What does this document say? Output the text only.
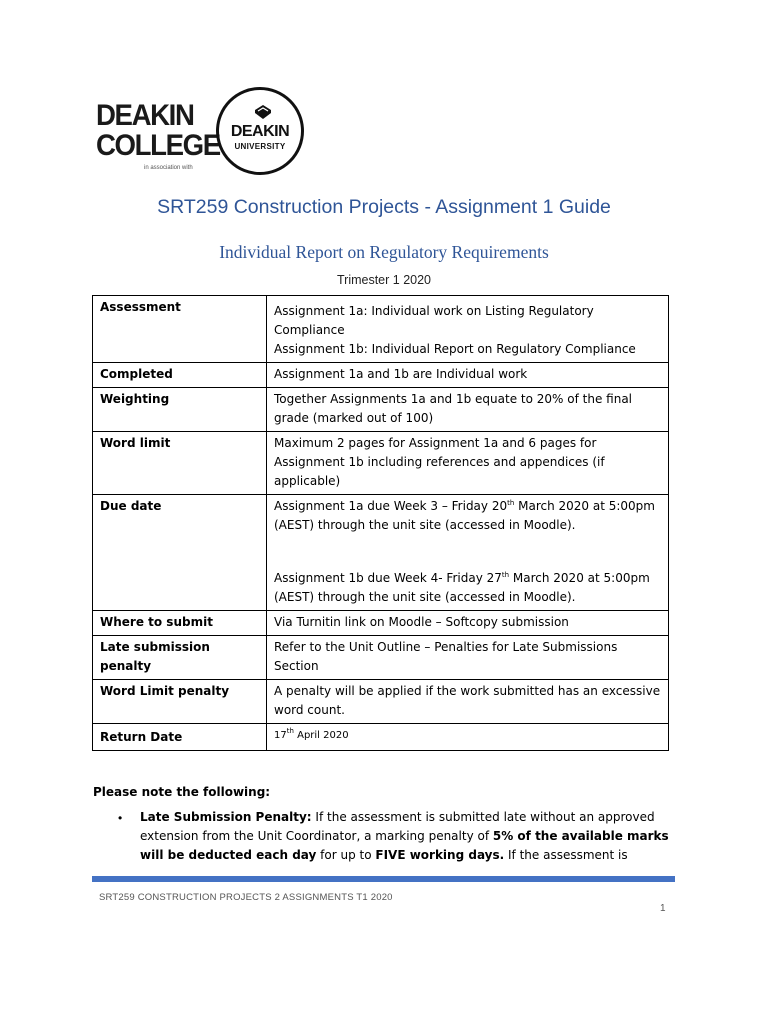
DEAKIN
COLLEGE
in association with
DEAKIN
UNIVERSITY
SRT259 Construction Projects - Assignment 1 Guide
Individual Report on Regulatory Requirements
Trimester 1 2020
Assessment	Assignment 1a: Individual work on Listing Regulatory Compliance

Assignment 1b: Individual Report on Regulatory Compliance

Completed	Assignment 1a and 1b are Individual work
Weighting	Together Assignments 1a and 1b equate to 20% of the final grade (marked out of 100)
Word limit	Maximum 2 pages for Assignment 1a and 6 pages for Assignment 1b including references and appendices (if applicable)
Due date	Assignment 1a due Week 3 – Friday 20th March 2020 at 5:00pm

(AEST) through the unit site (accessed in Moodle).

Assignment 1b due Week 4- Friday 27th March 2020 at 5:00pm

(AEST) through the unit site (accessed in Moodle).

Where to submit	Via Turnitin link on Moodle – Softcopy submission
Late submission penalty	Refer to the Unit Outline – Penalties for Late Submissions Section
Word Limit penalty	A penalty will be applied if the work submitted has an excessive word count.
Return Date	17th April 2020
Please note the following:
• Late Submission Penalty: If the assessment is submitted late without an approved extension from the Unit Coordinator, a marking penalty of 5% of the available marks will be deducted each day for up to FIVE working days. If the assessment is
SRT259 CONSTRUCTION PROJECTS 2 ASSIGNMENTS T1 2020
1
